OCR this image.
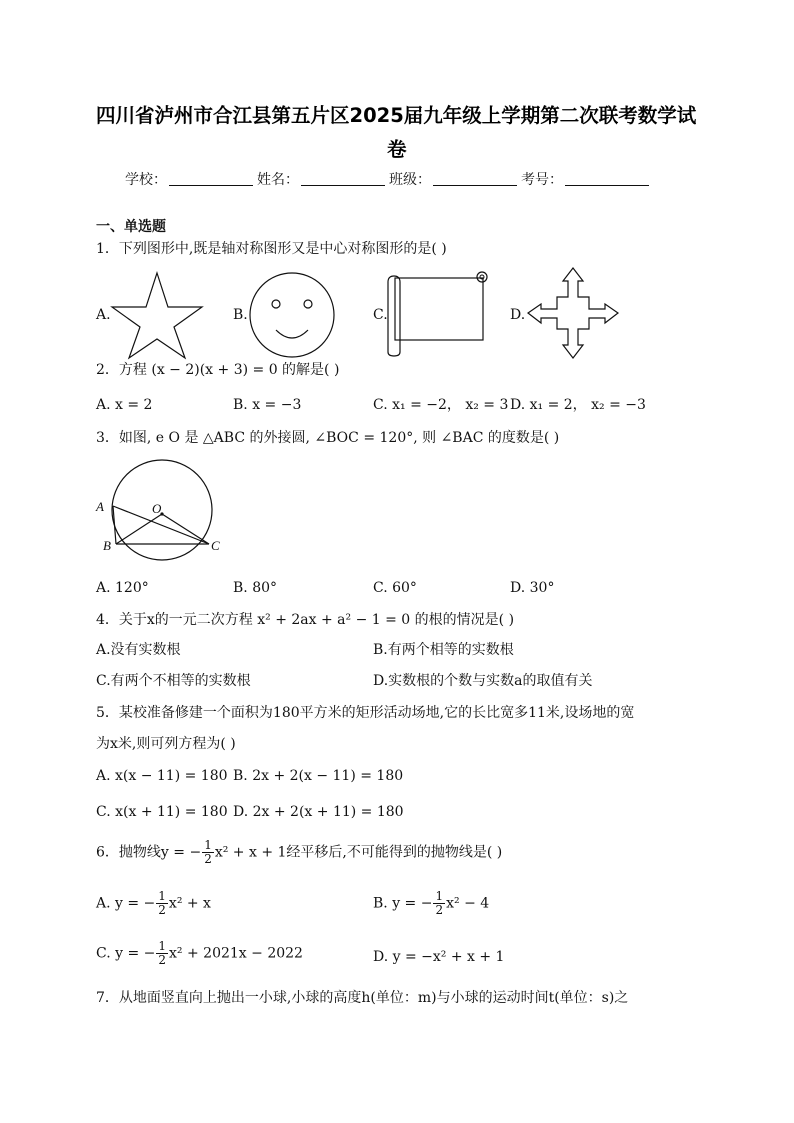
四川省泸州市合江县第五片区2025届九年级上学期第二次联考数学试
卷
学校：	姓名：	班级：	考号：
一、单选题
1．下列图形中,既是轴对称图形又是中心对称图形的是( )
A.	B.	C.	D.
2．方程 (x − 2)(x + 3) = 0 的解是( )
A. x = 2	B. x = −3	C. x₁ = −2， x₂ = 3 D. x₁ = 2， x₂ = −3
3．如图, e O 是 △ABC 的外接圆, ∠BOC = 120°, 则 ∠BAC 的度数是( )
A	O
B	C
A. 120°	B. 80°	C. 60°	D. 30°
4．关于x的一元二次方程 x² + 2ax + a² − 1 = 0 的根的情况是( )
A.没有实数根	B.有两个相等的实数根
C.有两个不相等的实数根	D.实数根的个数与实数a的取值有关
5．某校准备修建一个面积为180平方米的矩形活动场地,它的长比宽多11米,设场地的宽
为x米,则可列方程为( )
A. x(x − 11) = 180 B. 2x + 2(x − 11) = 180
C. x(x + 11) = 180 D. 2x + 2(x + 11) = 180
6．抛物线y = − $\frac{1}{2} x^2 + x + 1$经平移后,不可能得到的抛物线是( )
A. y = − $\frac{1}{2} x^2 + x$	B. y = − $\frac{1}{2} x^2 - 4$
C. y = − $\frac{1}{2} x^2 + 2021x - 2022$	D. y = −x² + x + 1
7．从地面竖直向上抛出一小球,小球的高度h(单位：m)与小球的运动时间t(单位：s)之
